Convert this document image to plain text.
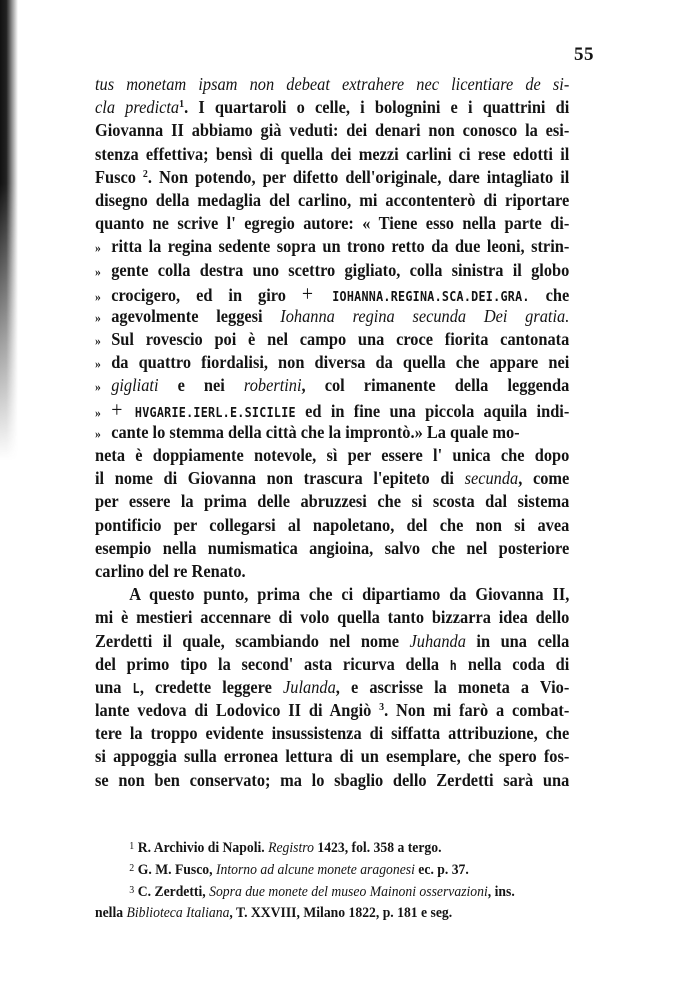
55
tus monetam ipsam non debeat extrahere nec licentiare de si-
cla predicta$^1$. I quartaroli o celle, i bolognini e i quattrini di
Giovanna II abbiamo già veduti: dei denari non conosco la esi-
stenza effettiva; bensì di quella dei mezzi carlini ci rese edotti il
Fusco $^2$. Non potendo, per difetto dell'originale, dare intagliato il
disegno della medaglia del carlino, mi accontenterò di riportare
quanto ne scrive l' egregio autore: « Tiene esso nella parte di-
» ritta la regina sedente sopra un trono retto da due leoni, strin-
» gente colla destra uno scettro gigliato, colla sinistra il globo
» crocigero, ed in giro + IOHANNA.REGINA.SCA.DEI.GRA. che
» agevolmente leggesi Iohanna regina secunda Dei gratia.
» Sul rovescio poi è nel campo una croce fiorita cantonata
» da quattro fiordalisi, non diversa da quella che appare nei
» gigliati e nei robertini, col rimanente della leggenda
» + HVGARIE.IERL.E.SICILIE ed in fine una piccola aquila indi-
» cante lo stemma della città che la improntò.» La quale mo-
neta è doppiamente notevole, sì per essere l' unica che dopo
il nome di Giovanna non trascura l'epiteto di secunda, come
per essere la prima delle abruzzesi che si scosta dal sistema
pontificio per collegarsi al napoletano, del che non si avea
esempio nella numismatica angioina, salvo che nel posteriore
carlino del re Renato.
A questo punto, prima che ci dipartiamo da Giovanna II,
mi è mestieri accennare di volo quella tanto bizzarra idea dello
Zerdetti il quale, scambiando nel nome Juhanda in una cella
del primo tipo la second' asta ricurva della h nella coda di
una L, credette leggere Julanda, e ascrisse la moneta a Vio-
lante vedova di Lodovico II di Angiò $^3$. Non mi farò a combat-
tere la troppo evidente insussistenza di siffatta attribuzione, che
si appoggia sulla erronea lettura di un esemplare, che spero fos-
se non ben conservato; ma lo sbaglio dello Zerdetti sarà una
1 R. Archivio di Napoli. Registro 1423, fol. 358 a tergo.
2 G. M. Fusco, Intorno ad alcune monete aragonesi ec. p. 37.
3 C. Zerdetti, Sopra due monete del museo Mainoni osservazioni, ins.
nella Biblioteca Italiana, T. XXVIII, Milano 1822, p. 181 e seg.
